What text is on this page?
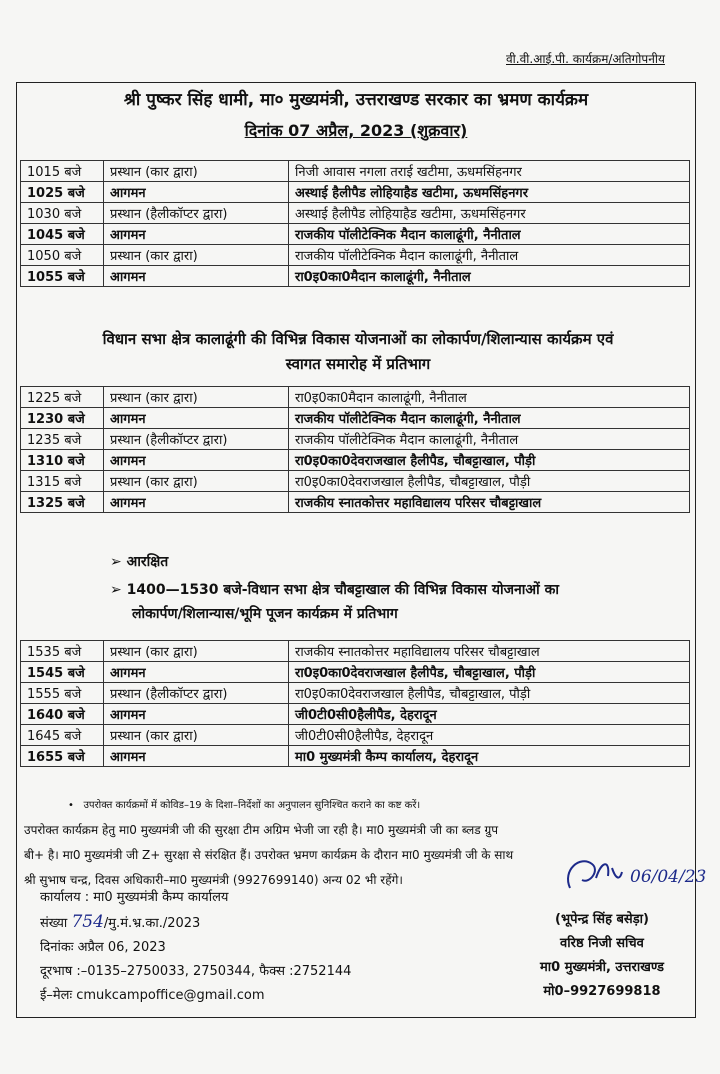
वी.वी.आई.पी. कार्यक्रम/अतिगोपनीय
श्री पुष्कर सिंह धामी, मा० मुख्यमंत्री, उत्तराखण्ड सरकार का भ्रमण कार्यक्रम
दिनांक 07 अप्रैल, 2023 (शुक्रवार)
1015 बजे	प्रस्थान (कार द्वारा)	निजी आवास नगला तराई खटीमा, ऊधमसिंहनगर
1025 बजे	आगमन	अस्थाई हैलीपैड लोहियाहैड खटीमा, ऊधमसिंहनगर
1030 बजे	प्रस्थान (हैलीकॉप्टर द्वारा)	अस्थाई हैलीपैड लोहियाहैड खटीमा, ऊधमसिंहनगर
1045 बजे	आगमन	राजकीय पॉलीटेक्निक मैदान कालाढूंगी, नैनीताल
1050 बजे	प्रस्थान (कार द्वारा)	राजकीय पॉलीटेक्निक मैदान कालाढूंगी, नैनीताल
1055 बजे	आगमन	रा0इ0का0मैदान कालाढूंगी, नैनीताल
विधान सभा क्षेत्र कालाढूंगी की विभिन्न विकास योजनाओं का लोकार्पण/शिलान्यास कार्यक्रम एवं
स्वागत समारोह में प्रतिभाग
1225 बजे	प्रस्थान (कार द्वारा)	रा0इ0का0मैदान कालाढूंगी, नैनीताल
1230 बजे	आगमन	राजकीय पॉलीटेक्निक मैदान कालाढूंगी, नैनीताल
1235 बजे	प्रस्थान (हैलीकॉप्टर द्वारा)	राजकीय पॉलीटेक्निक मैदान कालाढूंगी, नैनीताल
1310 बजे	आगमन	रा0इ0का0देवराजखाल हैलीपैड, चौबट्टाखाल, पौड़ी
1315 बजे	प्रस्थान (कार द्वारा)	रा0इ0का0देवराजखाल हैलीपैड, चौबट्टाखाल, पौड़ी
1325 बजे	आगमन	राजकीय स्नातकोत्तर महाविद्यालय परिसर चौबट्टाखाल
➢ आरक्षित
➢ 1400—1530 बजे-विधान सभा क्षेत्र चौबट्टाखाल की विभिन्न विकास योजनाओं का
लोकार्पण/शिलान्यास/भूमि पूजन कार्यक्रम में प्रतिभाग
1535 बजे	प्रस्थान (कार द्वारा)	राजकीय स्नातकोत्तर महाविद्यालय परिसर चौबट्टाखाल
1545 बजे	आगमन	रा0इ0का0देवराजखाल हैलीपैड, चौबट्टाखाल, पौड़ी
1555 बजे	प्रस्थान (हैलीकॉप्टर द्वारा)	रा0इ0का0देवराजखाल हैलीपैड, चौबट्टाखाल, पौड़ी
1640 बजे	आगमन	जी0टी0सी0हैलीपैड, देहरादून
1645 बजे	प्रस्थान (कार द्वारा)	जी0टी0सी0हैलीपैड, देहरादून
1655 बजे	आगमन	मा0 मुख्यमंत्री कैम्प कार्यालय, देहरादून
•   उपरोक्त कार्यक्रमों में कोविड–19 के दिशा–निर्देशों का अनुपालन सुनिश्चित कराने का कष्ट करें।
उपरोक्त कार्यक्रम हेतु मा0 मुख्यमंत्री जी की सुरक्षा टीम अग्रिम भेजी जा रही है। मा0 मुख्यमंत्री जी का ब्लड ग्रुप
बी+ है। मा0 मुख्यमंत्री जी Z+ सुरक्षा से संरक्षित हैं। उपरोक्त भ्रमण कार्यक्रम के दौरान मा0 मुख्यमंत्री जी के साथ
श्री सुभाष चन्द्र, दिवस अधिकारी–मा0 मुख्यमंत्री (9927699140) अन्य 02 भी रहेंगे।
कार्यालय : मा0 मुख्यमंत्री कैम्प कार्यालय
संख्या 754/मु.मं.भ्र.का./2023
दिनांकः अप्रैल 06, 2023
दूरभाष :–0135–2750033, 2750344, फैक्स :2752144
ई–मेलः cmukcampoffice@gmail.com
06/04/23
(भूपेन्द्र सिंह बसेड़ा)
वरिष्ठ निजी सचिव
मा0 मुख्यमंत्री, उत्तराखण्ड
मो0–9927699818
